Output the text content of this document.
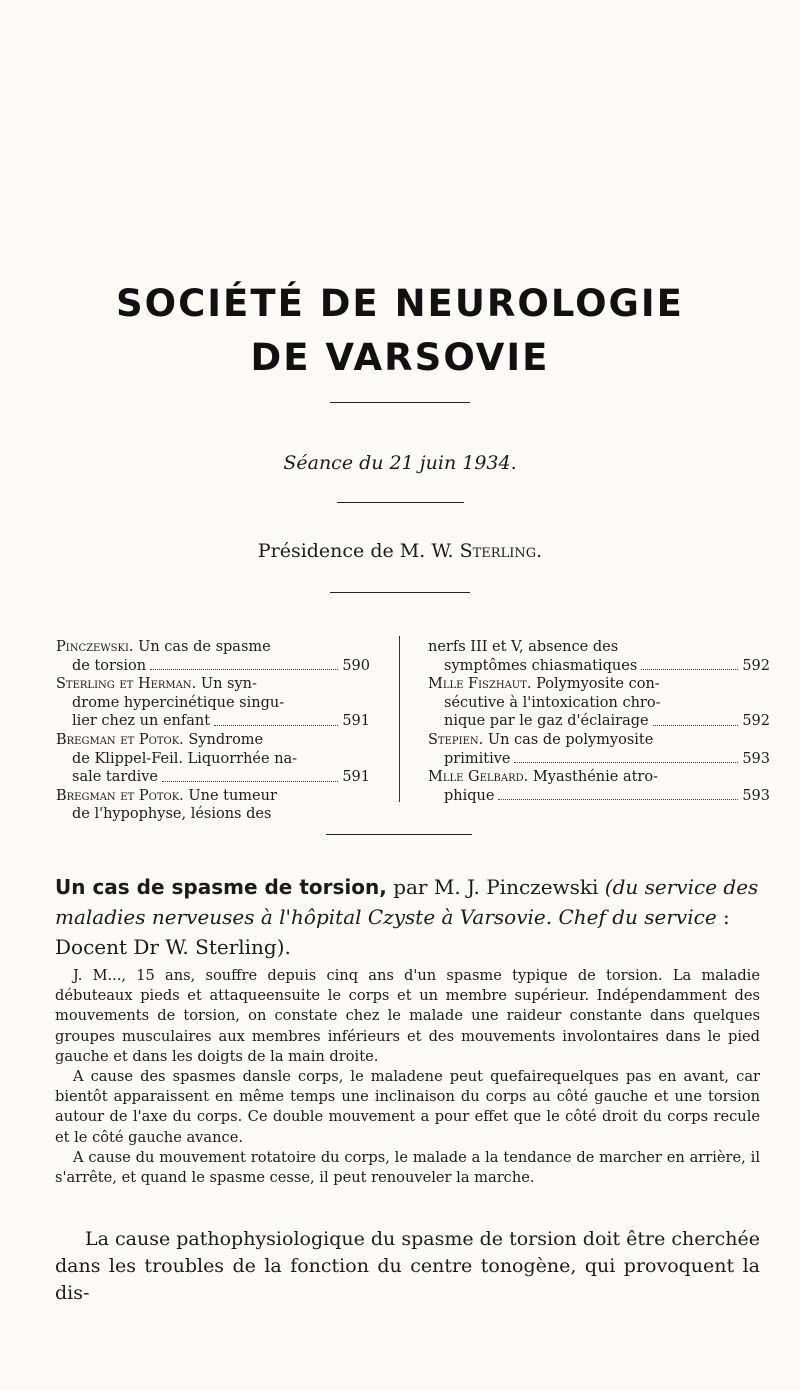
SOCIÉTÉ DE NEUROLOGIE
DE VARSOVIE
Séance du 21 juin 1934.
Présidence de M. W. Sterling.
Pinczewski. Un cas de spasme
de torsion	590
Sterling et Herman. Un syn-
drome hypercinétique singu-
lier chez un enfant	591
Bregman et Potok. Syndrome
de Klippel-Feil. Liquorrhée na-
sale tardive	591
Bregman et Potok. Une tumeur
de l'hypophyse, lésions des
nerfs III et V, absence des
symptômes chiasmatiques	592
Mlle Fiszhaut. Polymyosite con-
sécutive à l'intoxication chro-
nique par le gaz d'éclairage	592
Stepien. Un cas de polymyosite
primitive	593
Mlle Gelbard. Myasthénie atro-
phique	593
Un cas de spasme de torsion, par M. J. Pinczewski (du service des maladies nerveuses à l'hôpital Czyste à Varsovie. Chef du service : Docent Dr W. Sterling).

J. M..., 15 ans, souffre depuis cinq ans d'un spasme typique de torsion. La maladie débuteaux pieds et attaqueensuite le corps et un membre supérieur. Indépendamment des mouvements de torsion, on constate chez le malade une raideur constante dans quelques groupes musculaires aux membres inférieurs et des mouvements involontaires dans le pied gauche et dans les doigts de la main droite.

A cause des spasmes dansle corps, le maladene peut quefairequelques pas en avant, car bientôt apparaissent en même temps une inclinaison du corps au côté gauche et une torsion autour de l'axe du corps. Ce double mouvement a pour effet que le côté droit du corps recule et le côté gauche avance.

A cause du mouvement rotatoire du corps, le malade a la tendance de marcher en arrière, il s'arrête, et quand le spasme cesse, il peut renouveler la marche.

La cause pathophysiologique du spasme de torsion doit être cherchée dans les troubles de la fonction du centre tonogène, qui provoquent la dis-
